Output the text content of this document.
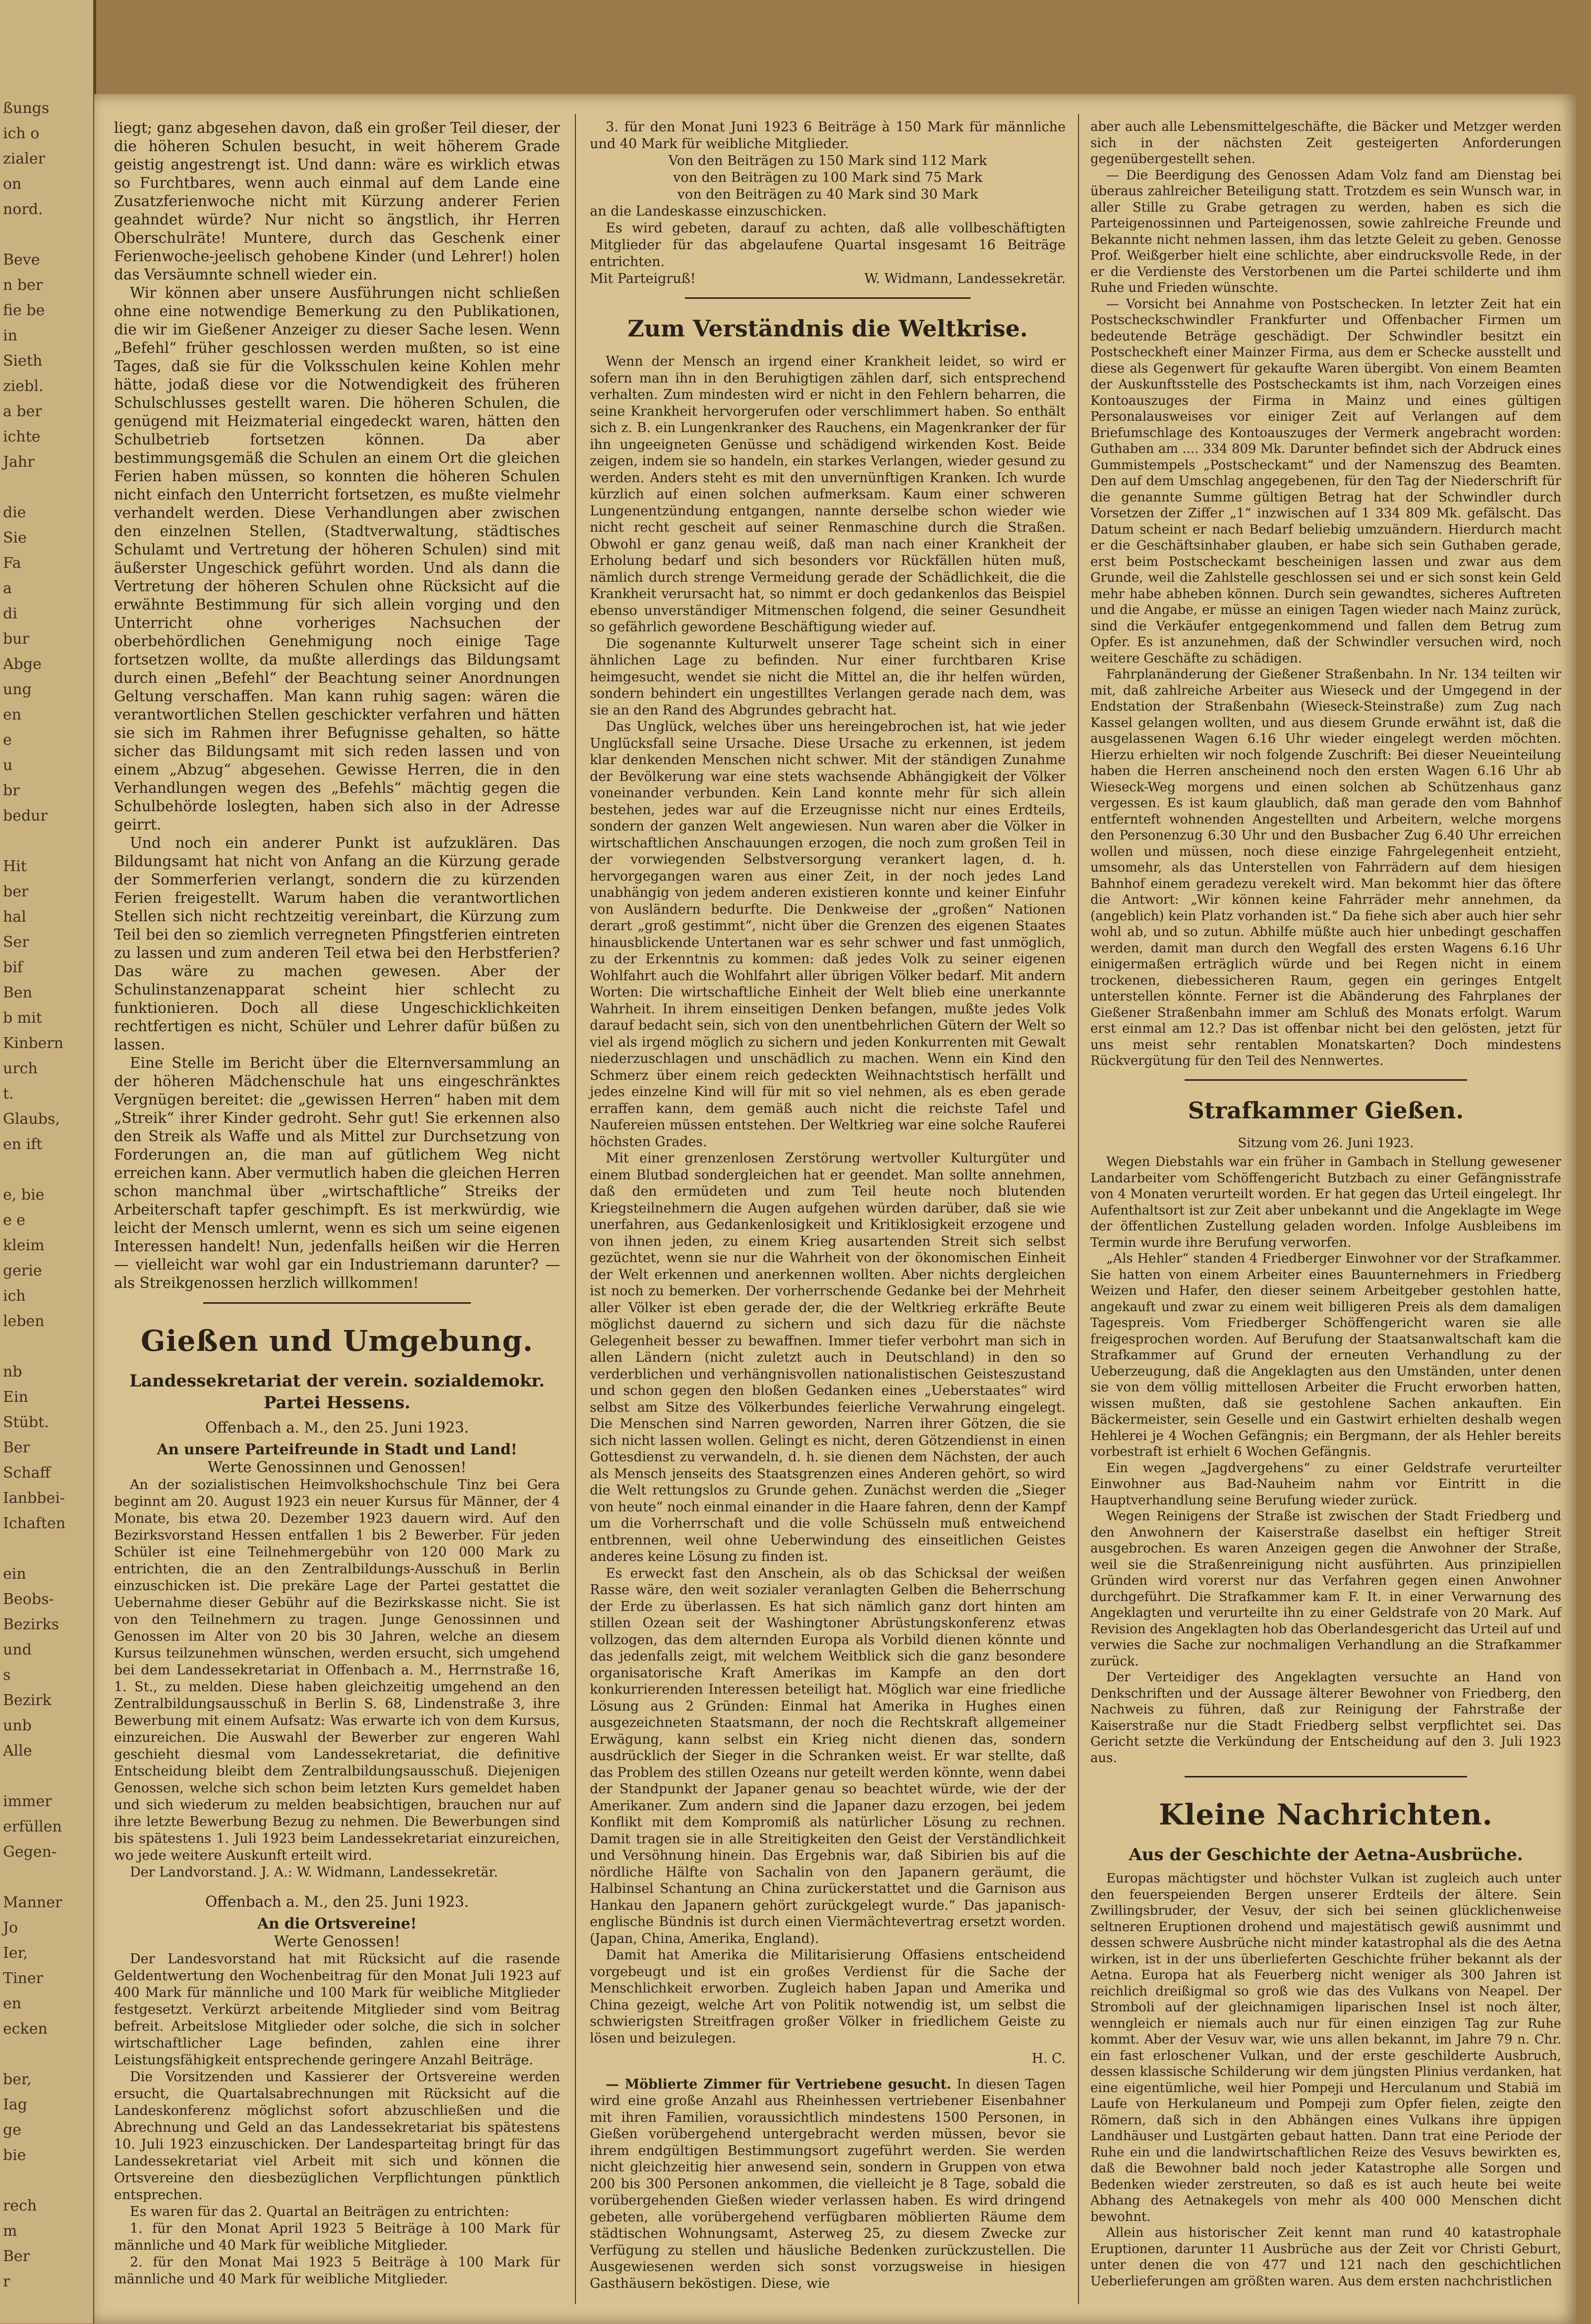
ßungs
ich o
zialer
on
nord.
Beve
n ber
fie be
in
Sieth
ziebl.
a ber
ichte
Jahr
die
Sie
Fa
a
di
bur
Abge
ung
en
e
u
br
bedur
Hit
ber
hal
Ser
bif
Ben
b mit
Kinbern
urch
t.
Glaubs,
en ift
e, bie
e e
kleim
gerie
ich
leben
nb
Ein
Stübt.
Ber
Schaff
Ianbbei-
Ichaften
ein
Beobs-
Bezirks
und
s
Bezirk
unb
Alle
immer
erfüllen
Gegen-
Manner
Jo
Ier,
Tiner
en
ecken
ber,
Iag
ge
bie
rech
m
Ber
r

liegt; ganz abgesehen davon, daß ein großer Teil dieser, der die höheren Schulen besucht, in weit höherem Grade geistig angestrengt ist. Und dann: wäre es wirklich etwas so Furchtbares, wenn auch einmal auf dem Lande eine Zusatzferienwoche nicht mit Kürzung anderer Ferien geahndet würde? Nur nicht so ängstlich, ihr Herren Oberschulräte! Muntere, durch das Geschenk einer Ferienwoche-jeelisch gehobene Kinder (und Lehrer!) holen das Versäumnte schnell wieder ein.

Wir können aber unsere Ausführungen nicht schließen ohne eine notwendige Bemerkung zu den Publikationen, die wir im Gießener Anzeiger zu dieser Sache lesen. Wenn „Befehl“ früher geschlossen werden mußten, so ist eine Tages, daß sie für die Volksschulen keine Kohlen mehr hätte, jodaß diese vor die Notwendigkeit des früheren Schulschlusses gestellt waren. Die höheren Schulen, die genügend mit Heizmaterial eingedeckt waren, hätten den Schulbetrieb fortsetzen können. Da aber bestimmungsgemäß die Schulen an einem Ort die gleichen Ferien haben müssen, so konnten die höheren Schulen nicht einfach den Unterricht fortsetzen, es mußte vielmehr verhandelt werden. Diese Verhandlungen aber zwischen den einzelnen Stellen, (Stadtverwaltung, städtisches Schulamt und Vertretung der höheren Schulen) sind mit äußerster Ungeschick geführt worden. Und als dann die Vertretung der höheren Schulen ohne Rücksicht auf die erwähnte Bestimmung für sich allein vorging und den Unterricht ohne vorheriges Nachsuchen der oberbehördlichen Genehmigung noch einige Tage fortsetzen wollte, da mußte allerdings das Bildungsamt durch einen „Befehl“ der Beachtung seiner Anordnungen Geltung verschaffen. Man kann ruhig sagen: wären die verantwortlichen Stellen geschickter verfahren und hätten sie sich im Rahmen ihrer Befugnisse gehalten, so hätte sicher das Bildungsamt mit sich reden lassen und von einem „Abzug“ abgesehen. Gewisse Herren, die in den Verhandlungen wegen des „Befehls“ mächtig gegen die Schulbehörde loslegten, haben sich also in der Adresse geirrt.

Und noch ein anderer Punkt ist aufzuklären. Das Bildungsamt hat nicht von Anfang an die Kürzung gerade der Sommerferien verlangt, sondern die zu kürzenden Ferien freigestellt. Warum haben die verantwortlichen Stellen sich nicht rechtzeitig vereinbart, die Kürzung zum Teil bei den so ziemlich verregneten Pfingstferien eintreten zu lassen und zum anderen Teil etwa bei den Herbstferien? Das wäre zu machen gewesen. Aber der Schulinstanzenapparat scheint hier schlecht zu funktionieren. Doch all diese Ungeschicklichkeiten rechtfertigen es nicht, Schüler und Lehrer dafür büßen zu lassen.

Eine Stelle im Bericht über die Elternversammlung an der höheren Mädchenschule hat uns eingeschränktes Vergnügen bereitet: die „gewissen Herren“ haben mit dem „Streik“ ihrer Kinder gedroht. Sehr gut! Sie erkennen also den Streik als Waffe und als Mittel zur Durchsetzung von Forderungen an, die man auf gütlichem Weg nicht erreichen kann. Aber vermutlich haben die gleichen Herren schon manchmal über „wirtschaftliche“ Streiks der Arbeiterschaft tapfer geschimpft. Es ist merkwürdig, wie leicht der Mensch umlernt, wenn es sich um seine eigenen Interessen handelt! Nun, jedenfalls heißen wir die Herren — vielleicht war wohl gar ein Industriemann darunter? — als Streikgenossen herzlich willkommen!

Gießen und Umgebung.
Landessekretariat der verein. sozialdemokr. Partei Hessens.
Offenbach a. M., den 25. Juni 1923.
An unsere Parteifreunde in Stadt und Land!
Werte Genossinnen und Genossen!

An der sozialistischen Heimvolkshochschule Tinz bei Gera beginnt am 20. August 1923 ein neuer Kursus für Männer, der 4 Monate, bis etwa 20. Dezember 1923 dauern wird. Auf den Bezirksvorstand Hessen entfallen 1 bis 2 Bewerber. Für jeden Schüler ist eine Teilnehmergebühr von 120 000 Mark zu entrichten, die an den Zentralbildungs-Ausschuß in Berlin einzuschicken ist. Die prekäre Lage der Partei gestattet die Uebernahme dieser Gebühr auf die Bezirkskasse nicht. Sie ist von den Teilnehmern zu tragen. Junge Genossinnen und Genossen im Alter von 20 bis 30 Jahren, welche an diesem Kursus teilzunehmen wünschen, werden ersucht, sich umgehend bei dem Landessekretariat in Offenbach a. M., Herrnstraße 16, 1. St., zu melden. Diese haben gleichzeitig umgehend an den Zentralbildungsausschuß in Berlin S. 68, Lindenstraße 3, ihre Bewerbung mit einem Aufsatz: Was erwarte ich von dem Kursus, einzureichen. Die Auswahl der Bewerber zur engeren Wahl geschieht diesmal vom Landessekretariat, die definitive Entscheidung bleibt dem Zentralbildungsausschuß. Diejenigen Genossen, welche sich schon beim letzten Kurs gemeldet haben und sich wiederum zu melden beabsichtigen, brauchen nur auf ihre letzte Bewerbung Bezug zu nehmen. Die Bewerbungen sind bis spätestens 1. Juli 1923 beim Landessekretariat einzureichen, wo jede weitere Auskunft erteilt wird.

Der Landvorstand. J. A.: W. Widmann, Landessekretär.

Offenbach a. M., den 25. Juni 1923.
An die Ortsvereine!
Werte Genossen!

Der Landesvorstand hat mit Rücksicht auf die rasende Geldentwertung den Wochenbeitrag für den Monat Juli 1923 auf 400 Mark für männliche und 100 Mark für weibliche Mitglieder festgesetzt. Verkürzt arbeitende Mitglieder sind vom Beitrag befreit. Arbeitslose Mitglieder oder solche, die sich in solcher wirtschaftlicher Lage befinden, zahlen eine ihrer Leistungsfähigkeit entsprechende geringere Anzahl Beiträge.

Die Vorsitzenden und Kassierer der Ortsvereine werden ersucht, die Quartalsabrechnungen mit Rücksicht auf die Landeskonferenz möglichst sofort abzuschließen und die Abrechnung und Geld an das Landessekretariat bis spätestens 10. Juli 1923 einzuschicken. Der Landesparteitag bringt für das Landessekretariat viel Arbeit mit sich und können die Ortsvereine den diesbezüglichen Verpflichtungen pünktlich entsprechen.

Es waren für das 2. Quartal an Beiträgen zu entrichten:

1. für den Monat April 1923 5 Beiträge à 100 Mark für männliche und 40 Mark für weibliche Mitglieder.

2. für den Monat Mai 1923 5 Beiträge à 100 Mark für männliche und 40 Mark für weibliche Mitglieder.

3. für den Monat Juni 1923 6 Beiträge à 150 Mark für männliche und 40 Mark für weibliche Mitglieder.

Von den Beiträgen zu 150 Mark sind 112 Mark
von den Beiträgen zu 100 Mark sind 75 Mark
von den Beiträgen zu 40 Mark sind 30 Mark
an die Landeskasse einzuschicken.

Es wird gebeten, darauf zu achten, daß alle vollbeschäftigten Mitglieder für das abgelaufene Quartal insgesamt 16 Beiträge entrichten.

Mit Parteigruß!	W. Widmann, Landessekretär.
Zum Verständnis die Weltkrise.

Wenn der Mensch an irgend einer Krankheit leidet, so wird er sofern man ihn in den Beruhigtigen zählen darf, sich entsprechend verhalten. Zum mindesten wird er nicht in den Fehlern beharren, die seine Krankheit hervorgerufen oder verschlimmert haben. So enthält sich z. B. ein Lungenkranker des Rauchens, ein Magenkranker der für ihn ungeeigneten Genüsse und schädigend wirkenden Kost. Beide zeigen, indem sie so handeln, ein starkes Verlangen, wieder gesund zu werden. Anders steht es mit den unvernünftigen Kranken. Ich wurde kürzlich auf einen solchen aufmerksam. Kaum einer schweren Lungenentzündung entgangen, nannte derselbe schon wieder wie nicht recht gescheit auf seiner Renmaschine durch die Straßen. Obwohl er ganz genau weiß, daß man nach einer Krankheit der Erholung bedarf und sich besonders vor Rückfällen hüten muß, nämlich durch strenge Vermeidung gerade der Schädlichkeit, die die Krankheit verursacht hat, so nimmt er doch gedankenlos das Beispiel ebenso unverständiger Mitmenschen folgend, die seiner Gesundheit so gefährlich gewordene Beschäftigung wieder auf.

Die sogenannte Kulturwelt unserer Tage scheint sich in einer ähnlichen Lage zu befinden. Nur einer furchtbaren Krise heimgesucht, wendet sie nicht die Mittel an, die ihr helfen würden, sondern behindert ein ungestilltes Verlangen gerade nach dem, was sie an den Rand des Abgrundes gebracht hat.

Das Unglück, welches über uns hereingebrochen ist, hat wie jeder Unglücksfall seine Ursache. Diese Ursache zu erkennen, ist jedem klar denkenden Menschen nicht schwer. Mit der ständigen Zunahme der Bevölkerung war eine stets wachsende Abhängigkeit der Völker voneinander verbunden. Kein Land konnte mehr für sich allein bestehen, jedes war auf die Erzeugnisse nicht nur eines Erdteils, sondern der ganzen Welt angewiesen. Nun waren aber die Völker in wirtschaftlichen Anschauungen erzogen, die noch zum großen Teil in der vorwiegenden Selbstversorgung verankert lagen, d. h. hervorgegangen waren aus einer Zeit, in der noch jedes Land unabhängig von jedem anderen existieren konnte und keiner Einfuhr von Ausländern bedurfte. Die Denkweise der „großen“ Nationen derart „groß gestimmt“, nicht über die Grenzen des eigenen Staates hinausblickende Untertanen war es sehr schwer und fast unmöglich, zu der Erkenntnis zu kommen: daß jedes Volk zu seiner eigenen Wohlfahrt auch die Wohlfahrt aller übrigen Völker bedarf. Mit andern Worten: Die wirtschaftliche Einheit der Welt blieb eine unerkannte Wahrheit. In ihrem einseitigen Denken befangen, mußte jedes Volk darauf bedacht sein, sich von den unentbehrlichen Gütern der Welt so viel als irgend möglich zu sichern und jeden Konkurrenten mit Gewalt niederzuschlagen und unschädlich zu machen. Wenn ein Kind den Schmerz über einem reich gedeckten Weihnachtstisch herfällt und jedes einzelne Kind will für mit so viel nehmen, als es eben gerade erraffen kann, dem gemäß auch nicht die reichste Tafel und Naufereien müssen entstehen. Der Weltkrieg war eine solche Rauferei höchsten Grades.

Mit einer grenzenlosen Zerstörung wertvoller Kulturgüter und einem Blutbad sondergleichen hat er geendet. Man sollte annehmen, daß den ermüdeten und zum Teil heute noch blutenden Kriegsteilnehmern die Augen aufgehen würden darüber, daß sie wie unerfahren, aus Gedankenlosigkeit und Kritiklosigkeit erzogene und von ihnen jeden, zu einem Krieg ausartenden Streit sich selbst gezüchtet, wenn sie nur die Wahrheit von der ökonomischen Einheit der Welt erkennen und anerkennen wollten. Aber nichts dergleichen ist noch zu bemerken. Der vorherrschende Gedanke bei der Mehrheit aller Völker ist eben gerade der, die der Weltkrieg erkräfte Beute möglichst dauernd zu sichern und sich dazu für die nächste Gelegenheit besser zu bewaffnen. Immer tiefer verbohrt man sich in allen Ländern (nicht zuletzt auch in Deutschland) in den so verderblichen und verhängnisvollen nationalistischen Geisteszustand und schon gegen den bloßen Gedanken eines „Ueberstaates“ wird selbst am Sitze des Völkerbundes feierliche Verwahrung eingelegt. Die Menschen sind Narren geworden, Narren ihrer Götzen, die sie sich nicht lassen wollen. Gelingt es nicht, deren Götzendienst in einen Gottesdienst zu verwandeln, d. h. sie dienen dem Nächsten, der auch als Mensch jenseits des Staatsgrenzen eines Anderen gehört, so wird die Welt rettungslos zu Grunde gehen. Zunächst werden die „Sieger von heute“ noch einmal einander in die Haare fahren, denn der Kampf um die Vorherrschaft und die volle Schüsseln muß entweichend entbrennen, weil ohne Ueberwindung des einseitlichen Geistes anderes keine Lösung zu finden ist.

Es erweckt fast den Anschein, als ob das Schicksal der weißen Rasse wäre, den weit sozialer veranlagten Gelben die Beherrschung der Erde zu überlassen. Es hat sich nämlich ganz dort hinten am stillen Ozean seit der Washingtoner Abrüstungskonferenz etwas vollzogen, das dem alternden Europa als Vorbild dienen könnte und das jedenfalls zeigt, mit welchem Weitblick sich die ganz besondere organisatorische Kraft Amerikas im Kampfe an den dort konkurrierenden Interessen beteiligt hat. Möglich war eine friedliche Lösung aus 2 Gründen: Einmal hat Amerika in Hughes einen ausgezeichneten Staatsmann, der noch die Rechtskraft allgemeiner Erwägung, kann selbst ein Krieg nicht dienen das, sondern ausdrücklich der Sieger in die Schranken weist. Er war stellte, daß das Problem des stillen Ozeans nur geteilt werden könnte, wenn dabei der Standpunkt der Japaner genau so beachtet würde, wie der der Amerikaner. Zum andern sind die Japaner dazu erzogen, bei jedem Konflikt mit dem Kompromiß als natürlicher Lösung zu rechnen. Damit tragen sie in alle Streitigkeiten den Geist der Verständlichkeit und Versöhnung hinein. Das Ergebnis war, daß Sibirien bis auf die nördliche Hälfte von Sachalin von den Japanern geräumt, die Halbinsel Schantung an China zurückerstattet und die Garnison aus Hankau den Japanern gehört zurückgelegt wurde.“ Das japanisch-englische Bündnis ist durch einen Viermächtevertrag ersetzt worden. (Japan, China, Amerika, England).

Damit hat Amerika die Militarisierung Offasiens entscheidend vorgebeugt und ist ein großes Verdienst für die Sache der Menschlichkeit erworben. Zugleich haben Japan und Amerika und China gezeigt, welche Art von Politik notwendig ist, um selbst die schwierigsten Streitfragen großer Völker in friedlichem Geiste zu lösen und beizulegen.

H. C.

— Möblierte Zimmer für Vertriebene gesucht. In diesen Tagen wird eine große Anzahl aus Rheinhessen vertriebener Eisenbahner mit ihren Familien, voraussichtlich mindestens 1500 Personen, in Gießen vorübergehend untergebracht werden müssen, bevor sie ihrem endgültigen Bestimmungsort zugeführt werden. Sie werden nicht gleichzeitig hier anwesend sein, sondern in Gruppen von etwa 200 bis 300 Personen ankommen, die vielleicht je 8 Tage, sobald die vorübergehenden Gießen wieder verlassen haben. Es wird dringend gebeten, alle vorübergehend verfügbaren möblierten Räume dem städtischen Wohnungsamt, Asterweg 25, zu diesem Zwecke zur Verfügung zu stellen und häusliche Bedenken zurückzustellen. Die Ausgewiesenen werden sich sonst vorzugsweise in hiesigen Gasthäusern beköstigen. Diese, wie

aber auch alle Lebensmittelgeschäfte, die Bäcker und Metzger werden sich in der nächsten Zeit gesteigerten Anforderungen gegenübergestellt sehen.

— Die Beerdigung des Genossen Adam Volz fand am Dienstag bei überaus zahlreicher Beteiligung statt. Trotzdem es sein Wunsch war, in aller Stille zu Grabe getragen zu werden, haben es sich die Parteigenossinnen und Parteigenossen, sowie zahlreiche Freunde und Bekannte nicht nehmen lassen, ihm das letzte Geleit zu geben. Genosse Prof. Weißgerber hielt eine schlichte, aber eindrucksvolle Rede, in der er die Verdienste des Verstorbenen um die Partei schilderte und ihm Ruhe und Frieden wünschte.

— Vorsicht bei Annahme von Postschecken. In letzter Zeit hat ein Postscheckschwindler Frankfurter und Offenbacher Firmen um bedeutende Beträge geschädigt. Der Schwindler besitzt ein Postscheckheft einer Mainzer Firma, aus dem er Schecke ausstellt und diese als Gegenwert für gekaufte Waren übergibt. Von einem Beamten der Auskunftsstelle des Postscheckamts ist ihm, nach Vorzeigen eines Kontoauszuges der Firma in Mainz und eines gültigen Personalausweises vor einiger Zeit auf Verlangen auf dem Briefumschlage des Kontoauszuges der Vermerk angebracht worden: Guthaben am .... 334 809 Mk. Darunter befindet sich der Abdruck eines Gummistempels „Postscheckamt“ und der Namenszug des Beamten. Den auf dem Umschlag angegebenen, für den Tag der Niederschrift für die genannte Summe gültigen Betrag hat der Schwindler durch Vorsetzen der Ziffer „1“ inzwischen auf 1 334 809 Mk. gefälscht. Das Datum scheint er nach Bedarf beliebig umzuändern. Hierdurch macht er die Geschäftsinhaber glauben, er habe sich sein Guthaben gerade, erst beim Postscheckamt bescheinigen lassen und zwar aus dem Grunde, weil die Zahlstelle geschlossen sei und er sich sonst kein Geld mehr habe abheben können. Durch sein gewandtes, sicheres Auftreten und die Angabe, er müsse an einigen Tagen wieder nach Mainz zurück, sind die Verkäufer entgegenkommend und fallen dem Betrug zum Opfer. Es ist anzunehmen, daß der Schwindler versuchen wird, noch weitere Geschäfte zu schädigen.

Fahrplanänderung der Gießener Straßenbahn. In Nr. 134 teilten wir mit, daß zahlreiche Arbeiter aus Wieseck und der Umgegend in der Endstation der Straßenbahn (Wieseck-Steinstraße) zum Zug nach Kassel gelangen wollten, und aus diesem Grunde erwähnt ist, daß die ausgelassenen Wagen 6.16 Uhr wieder eingelegt werden möchten. Hierzu erhielten wir noch folgende Zuschrift: Bei dieser Neueinteilung haben die Herren anscheinend noch den ersten Wagen 6.16 Uhr ab Wieseck-Weg morgens und einen solchen ab Schützenhaus ganz vergessen. Es ist kaum glaublich, daß man gerade den vom Bahnhof entfernteft wohnenden Angestellten und Arbeitern, welche morgens den Personenzug 6.30 Uhr und den Busbacher Zug 6.40 Uhr erreichen wollen und müssen, noch diese einzige Fahrgelegenheit entzieht, umsomehr, als das Unterstellen von Fahrrädern auf dem hiesigen Bahnhof einem geradezu verekelt wird. Man bekommt hier das öftere die Antwort: „Wir können keine Fahrräder mehr annehmen, da (angeblich) kein Platz vorhanden ist.“ Da fiehe sich aber auch hier sehr wohl ab, und so zutun. Abhilfe müßte auch hier unbedingt geschaffen werden, damit man durch den Wegfall des ersten Wagens 6.16 Uhr einigermaßen erträglich würde und bei Regen nicht in einem trockenen, diebessicheren Raum, gegen ein geringes Entgelt unterstellen könnte. Ferner ist die Abänderung des Fahrplanes der Gießener Straßenbahn immer am Schluß des Monats erfolgt. Warum erst einmal am 12.? Das ist offenbar nicht bei den gelösten, jetzt für uns meist sehr rentablen Monatskarten? Doch mindestens Rückvergütung für den Teil des Nennwertes.

Strafkammer Gießen.
Sitzung vom 26. Juni 1923.

Wegen Diebstahls war ein früher in Gambach in Stellung gewesener Landarbeiter vom Schöffengericht Butzbach zu einer Gefängnisstrafe von 4 Monaten verurteilt worden. Er hat gegen das Urteil eingelegt. Ihr Aufenthaltsort ist zur Zeit aber unbekannt und die Angeklagte im Wege der öffentlichen Zustellung geladen worden. Infolge Ausbleibens im Termin wurde ihre Berufung verworfen.

„Als Hehler“ standen 4 Friedberger Einwohner vor der Strafkammer. Sie hatten von einem Arbeiter eines Bauunternehmers in Friedberg Weizen und Hafer, den dieser seinem Arbeitgeber gestohlen hatte, angekauft und zwar zu einem weit billigeren Preis als dem damaligen Tagespreis. Vom Friedberger Schöffengericht waren sie alle freigesprochen worden. Auf Berufung der Staatsanwaltschaft kam die Strafkammer auf Grund der erneuten Verhandlung zu der Ueberzeugung, daß die Angeklagten aus den Umständen, unter denen sie von dem völlig mittellosen Arbeiter die Frucht erworben hatten, wissen mußten, daß sie gestohlene Sachen ankauften. Ein Bäckermeister, sein Geselle und ein Gastwirt erhielten deshalb wegen Hehlerei je 4 Wochen Gefängnis; ein Bergmann, der als Hehler bereits vorbestraft ist erhielt 6 Wochen Gefängnis.

Ein wegen „Jagdvergehens“ zu einer Geldstrafe verurteilter Einwohner aus Bad-Nauheim nahm vor Eintritt in die Hauptverhandlung seine Berufung wieder zurück.

Wegen Reinigens der Straße ist zwischen der Stadt Friedberg und den Anwohnern der Kaiserstraße daselbst ein heftiger Streit ausgebrochen. Es waren Anzeigen gegen die Anwohner der Straße, weil sie die Straßenreinigung nicht ausführten. Aus prinzipiellen Gründen wird vorerst nur das Verfahren gegen einen Anwohner durchgeführt. Die Strafkammer kam F. It. in einer Verwarnung des Angeklagten und verurteilte ihn zu einer Geldstrafe von 20 Mark. Auf Revision des Angeklagten hob das Oberlandesgericht das Urteil auf und verwies die Sache zur nochmaligen Verhandlung an die Strafkammer zurück.

Der Verteidiger des Angeklagten versuchte an Hand von Denkschriften und der Aussage älterer Bewohner von Friedberg, den Nachweis zu führen, daß zur Reinigung der Fahrstraße der Kaiserstraße nur die Stadt Friedberg selbst verpflichtet sei. Das Gericht setzte die Verkündung der Entscheidung auf den 3. Juli 1923 aus.

Kleine Nachrichten.
Aus der Geschichte der Aetna-Ausbrüche.

Europas mächtigster und höchster Vulkan ist zugleich auch unter den feuerspeienden Bergen unserer Erdteils der ältere. Sein Zwillingsbruder, der Vesuv, der sich bei seinen glücklichenweise seltneren Eruptionen drohend und majestätisch gewiß ausnimmt und dessen schwere Ausbrüche nicht minder katastrophal als die des Aetna wirken, ist in der uns überlieferten Geschichte früher bekannt als der Aetna. Europa hat als Feuerberg nicht weniger als 300 Jahren ist reichlich dreißigmal so groß wie das des Vulkans von Neapel. Der Stromboli auf der gleichnamigen liparischen Insel ist noch älter, wenngleich er niemals auch nur für einen einzigen Tag zur Ruhe kommt. Aber der Vesuv war, wie uns allen bekannt, im Jahre 79 n. Chr. ein fast erloschener Vulkan, und der erste geschilderte Ausbruch, dessen klassische Schilderung wir dem jüngsten Plinius verdanken, hat eine eigentümliche, weil hier Pompeji und Herculanum und Stabiä im Laufe von Herkulaneum und Pompeji zum Opfer fielen, zeigte den Römern, daß sich in den Abhängen eines Vulkans ihre üppigen Landhäuser und Lustgärten gebaut hatten. Dann trat eine Periode der Ruhe ein und die landwirtschaftlichen Reize des Vesuvs bewirkten es, daß die Bewohner bald noch jeder Katastrophe alle Sorgen und Bedenken wieder zerstreuten, so daß es ist auch heute bei weite Abhang des Aetnakegels von mehr als 400 000 Menschen dicht bewohnt.

Allein aus historischer Zeit kennt man rund 40 katastrophale Eruptionen, darunter 11 Ausbrüche aus der Zeit vor Christi Geburt, unter denen die von 477 und 121 nach den geschichtlichen Ueberlieferungen am größten waren. Aus dem ersten nachchristlichen
